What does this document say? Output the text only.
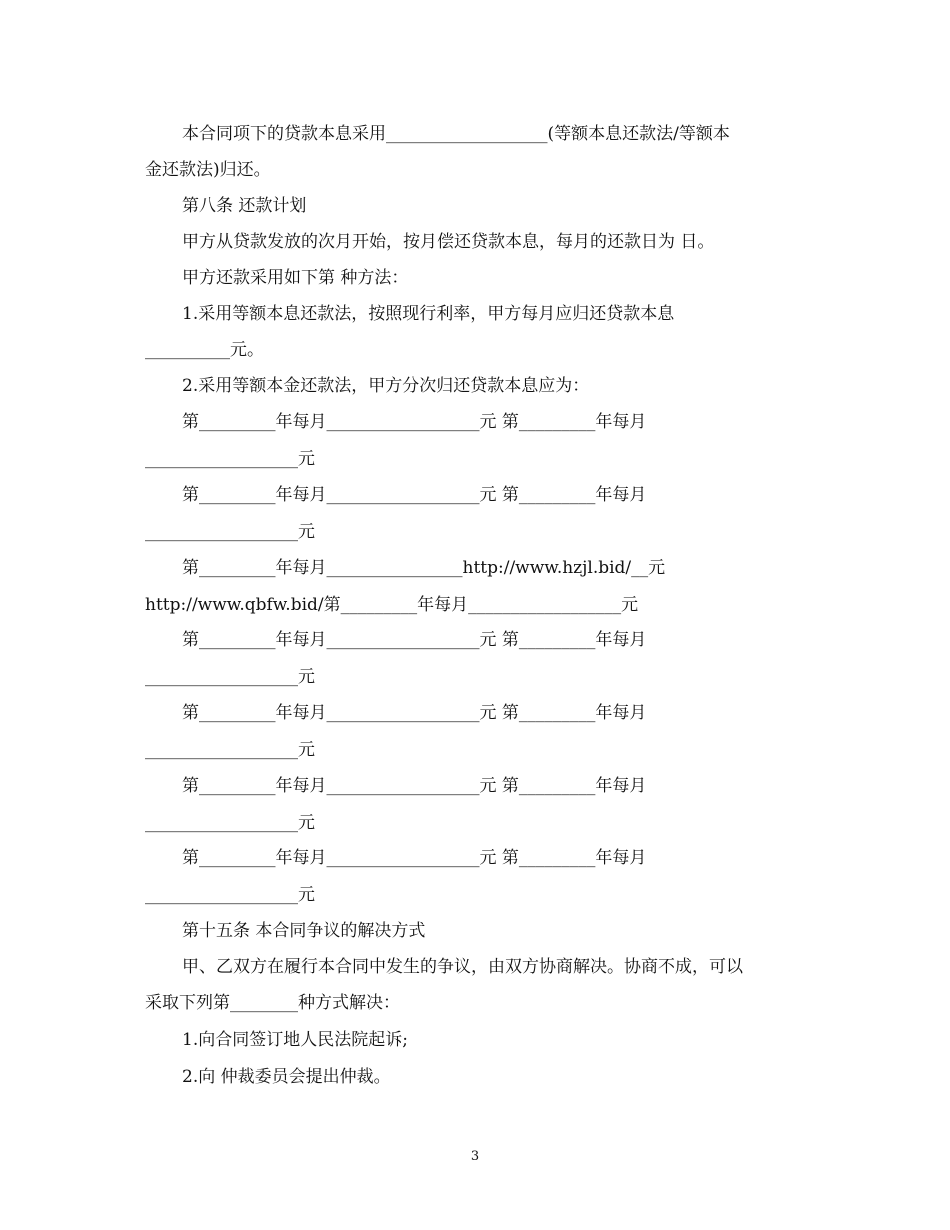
本合同项下的贷款本息采用___________________(等额本息还款法/等额本
金还款法)归还。
第八条 还款计划
甲方从贷款发放的次月开始，按月偿还贷款本息，每月的还款日为 日。
甲方还款采用如下第 种方法：
1.采用等额本息还款法，按照现行利率，甲方每月应归还贷款本息
__________元。
2.采用等额本金还款法，甲方分次归还贷款本息应为：
第_________年每月__________________元 第_________年每月
__________________元
第_________年每月__________________元 第_________年每月
__________________元
第_________年每月________________http://www.hzjl.bid/__元
http://www.qbfw.bid/第_________年每月__________________元
第_________年每月__________________元 第_________年每月
__________________元
第_________年每月__________________元 第_________年每月
__________________元
第_________年每月__________________元 第_________年每月
__________________元
第_________年每月__________________元 第_________年每月
__________________元
第十五条 本合同争议的解决方式
甲、乙双方在履行本合同中发生的争议，由双方协商解决。协商不成，可以
采取下列第________种方式解决：
1.向合同签订地人民法院起诉;
2.向 仲裁委员会提出仲裁。
3
